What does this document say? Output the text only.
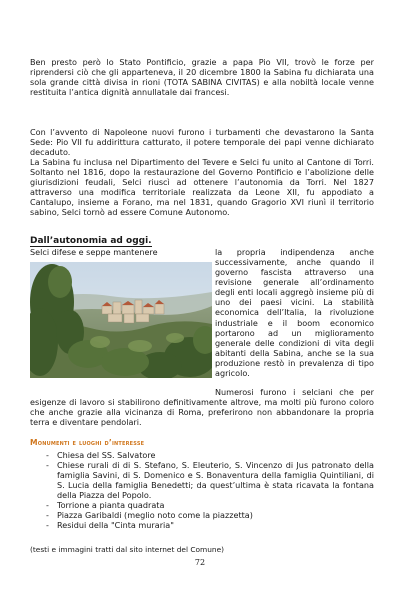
Ben presto però lo Stato Pontificio, grazie a papa Pio VII, trovò le forze per riprendersi ciò che gli apparteneva, il 20 dicembre 1800 la Sabina fu dichiarata una sola grande città divisa in rioni (TOTA SABINA CIVITAS) e alla nobiltà locale venne restituita l’antica dignità annullatale dai francesi.

Con l’avvento di Napoleone nuovi furono i turbamenti che devastarono la Santa Sede: Pio VII fu addirittura catturato, il potere temporale dei papi venne dichiarato decaduto.

La Sabina fu inclusa nel Dipartimento del Tevere e Selci fu unito al Cantone di Torri. Soltanto nel 1816, dopo la restaurazione del Governo Pontificio e l’abolizione delle giurisdizioni feudali, Selci riuscì ad ottenere l’autonomia da Torri. Nel 1827 attraverso una modifica territoriale realizzata da Leone XII, fu appodiato a Cantalupo, insieme a Forano, ma nel 1831, quando Gragorio XVI riunì il territorio sabino, Selci tornò ad essere Comune Autonomo.

Dall’autonomia ad oggi.

Selci difese e seppe mantenere	la propria indipendenza anche

successivamente, anche quando il governo fascista attraverso una revisione generale all’ordinamento degli enti locali aggregò insieme più di uno dei paesi vicini. La stabilità economica dell’Italia, la rivoluzione industriale e il boom economico portarono ad un miglioramento generale delle condizioni di vita degli abitanti della Sabina, anche se la sua produzione restò in prevalenza di tipo agricolo.

Numerosi furono i selciani che per esigenze di lavoro si stabilirono definitivamente altrove, ma molti più furono coloro che anche grazie alla vicinanza di Roma, preferirono non abbandonare la propria terra e diventare pendolari.

Monumenti e luoghi d’interesse

- Chiesa del SS. Salvatore
- Chiese rurali di di S. Stefano, S. Eleuterio, S. Vincenzo di Jus patronato della famiglia Savini, di S. Domenico e S. Bonaventura della famiglia Quintiliani, di S. Lucia della famiglia Benedetti; da quest’ultima è stata ricavata la fontana della Piazza del Popolo.
- Torrione a pianta quadrata
- Piazza Garibaldi (meglio noto come la piazzetta)
- Residui della "Cinta muraria"

(testi e immagini tratti dal sito internet del Comune)

72
